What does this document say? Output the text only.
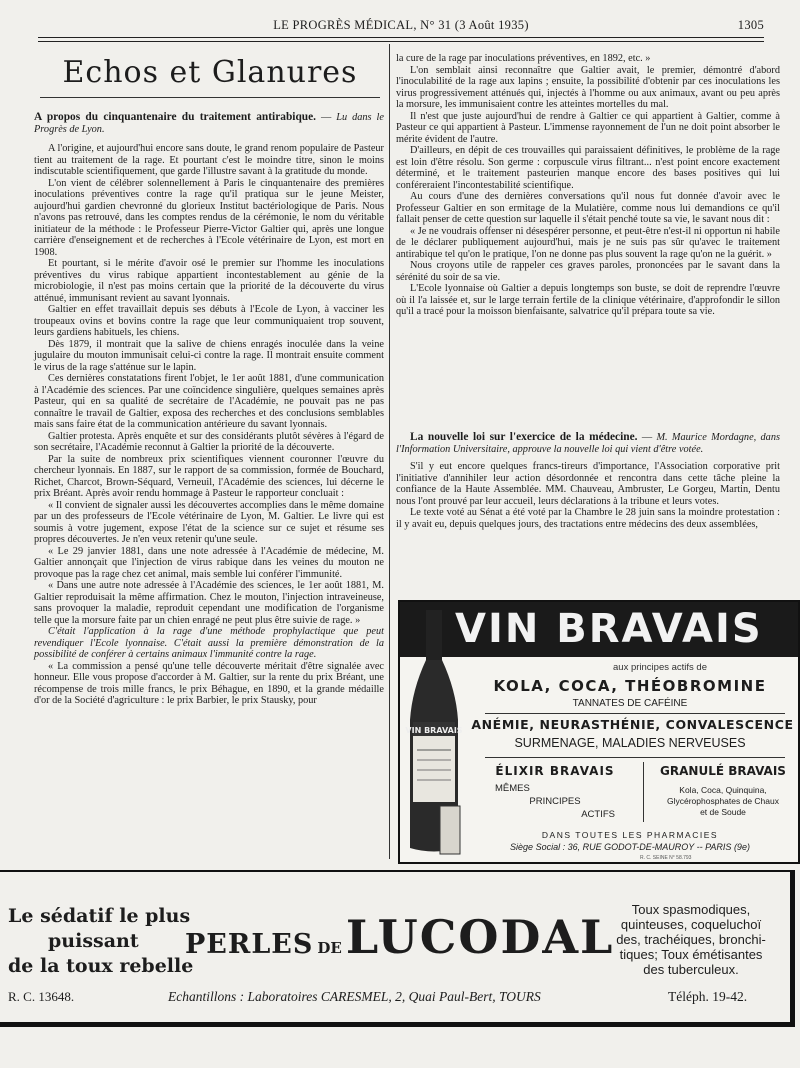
LE PROGRÈS MÉDICAL, N° 31 (3 Août 1935)	1305
Echos et Glanures

A propos du cinquantenaire du traitement antirabique. — Lu dans le Progrès de Lyon.

A l'origine, et aujourd'hui encore sans doute, le grand renom populaire de Pasteur tient au traitement de la rage. Et pourtant c'est le moindre titre, sinon le moins indiscutable scientifiquement, que garde l'illustre savant à la gratitude du monde.

L'on vient de célébrer solennellement à Paris le cinquantenaire des premières inoculations préventives contre la rage qu'il pratiqua sur le jeune Meister, aujourd'hui gardien chevronné du glorieux Institut bactériologique de Paris. Nous n'avons pas retrouvé, dans les comptes rendus de la cérémonie, le nom du véritable initiateur de la méthode : le Professeur Pierre-Victor Galtier qui, après une longue carrière d'enseignement et de recherches à l'Ecole vétérinaire de Lyon, est mort en 1908.

Et pourtant, si le mérite d'avoir osé le premier sur l'homme les inoculations préventives du virus rabique appartient incontestablement au génie de la microbiologie, il n'est pas moins certain que la priorité de la découverte du virus atténué, immunisant revient au savant lyonnais.

Galtier en effet travaillait depuis ses débuts à l'Ecole de Lyon, à vacciner les troupeaux ovins et bovins contre la rage que leur communiquaient trop souvent, leurs gardiens habituels, les chiens.

Dès 1879, il montrait que la salive de chiens enragés inoculée dans la veine jugulaire du mouton immunisait celui-ci contre la rage. Il montrait ensuite comment le virus de la rage s'atténue sur le lapin.

Ces dernières constatations firent l'objet, le 1er août 1881, d'une communication à l'Académie des sciences. Par une coïncidence singulière, quelques semaines après Pasteur, qui en sa qualité de secrétaire de l'Académie, ne pouvait pas ne pas connaître le travail de Galtier, exposa des recherches et des conclusions semblables mais sans faire état de la communication antérieure du savant lyonnais.

Galtier protesta. Après enquête et sur des considérants plutôt sévères à l'égard de son secrétaire, l'Académie reconnut à Galtier la priorité de la découverte.

Par la suite de nombreux prix scientifiques viennent couronner l'œuvre du chercheur lyonnais. En 1887, sur le rapport de sa commission, formée de Bouchard, Richet, Charcot, Brown-Séquard, Verneuil, l'Académie des sciences, lui décerne le prix Bréant. Après avoir rendu hommage à Pasteur le rapporteur concluait :

« Il convient de signaler aussi les découvertes accomplies dans le même domaine par un des professeurs de l'Ecole vétérinaire de Lyon, M. Galtier. Le livre qui est soumis à votre jugement, expose l'état de la science sur ce sujet et résume ses propres découvertes. Je n'en veux retenir qu'une seule.

« Le 29 janvier 1881, dans une note adressée à l'Académie de médecine, M. Galtier annonçait que l'injection de virus rabique dans les veines du mouton ne provoque pas la rage chez cet animal, mais semble lui conférer l'immunité.

« Dans une autre note adressée à l'Académie des sciences, le 1er août 1881, M. Galtier reproduisait la même affirmation. Chez le mouton, l'injection intraveineuse, sans provoquer la maladie, reproduit cependant une modification de l'organisme telle que la morsure faite par un chien enragé ne peut plus être suivie de rage. »

C'était l'application à la rage d'une méthode prophylactique que peut revendiquer l'Ecole lyonnaise. C'était aussi la première démonstration de la possibilité de conférer à certains animaux l'immunité contre la rage.

« La commission a pensé qu'une telle découverte méritait d'être signalée avec honneur. Elle vous propose d'accorder à M. Galtier, sur la rente du prix Bréant, une récompense de trois mille francs, le prix Béhague, en 1890, et la grande médaille d'or de la Société d'agriculture : le prix Barbier, le prix Stausky, pour

la cure de la rage par inoculations préventives, en 1892, etc. »

L'on semblait ainsi reconnaître que Galtier avait, le premier, démontré d'abord l'inoculabilité de la rage aux lapins ; ensuite, la possibilité d'obtenir par ces inoculations les virus progressivement atténués qui, injectés à l'homme ou aux animaux, avant ou peu après la morsure, les immunisaient contre les atteintes mortelles du mal.

Il n'est que juste aujourd'hui de rendre à Galtier ce qui appartient à Galtier, comme à Pasteur ce qui appartient à Pasteur. L'immense rayonnement de l'un ne doit point absorber le mérite évident de l'autre.

D'ailleurs, en dépit de ces trouvailles qui paraissaient définitives, le problème de la rage est loin d'être résolu. Son germe : corpuscule virus filtrant... n'est point encore exactement déterminé, et le traitement pasteurien manque encore des bases positives qui lui conféreraient l'incontestabilité scientifique.

Au cours d'une des dernières conversations qu'il nous fut donnée d'avoir avec le Professeur Galtier en son ermitage de la Mulatière, comme nous lui demandions ce qu'il fallait penser de cette question sur laquelle il s'était penché toute sa vie, le savant nous dit :

« Je ne voudrais offenser ni désespérer personne, et peut-être n'est-il ni opportun ni habile de le déclarer publiquement aujourd'hui, mais je ne suis pas sûr qu'avec le traitement antirabique tel qu'on le pratique, l'on ne donne pas plus souvent la rage qu'on ne la guérit. »

Nous croyons utile de rappeler ces graves paroles, prononcées par le savant dans la sérénité du soir de sa vie.

L'Ecole lyonnaise où Galtier a depuis longtemps son buste, se doit de reprendre l'œuvre où il l'a laissée et, sur le large terrain fertile de la clinique vétérinaire, d'approfondir le sillon qu'il a tracé pour la moisson bienfaisante, salvatrice qu'il prépara toute sa vie.

La nouvelle loi sur l'exercice de la médecine. — M. Maurice Mordagne, dans l'Information Universitaire, approuve la nouvelle loi qui vient d'être votée.

S'il y eut encore quelques francs-tireurs d'importance, l'Association corporative prit l'initiative d'annihiler leur action désordonnée et rencontra dans cette tâche pleine la confiance de la Haute Assemblée. MM. Chauveau, Ambruster, Le Gorgeu, Martin, Dentu nous l'ont prouvé par leur accueil, leurs déclarations à la tribune et leurs votes.

Le texte voté au Sénat a été voté par la Chambre le 28 juin sans la moindre protestation : il y avait eu, depuis quelques jours, des tractations entre médecins des deux assemblées,

VIN BRAVAIS
VIN BRAVAIS
aux principes actifs de
KOLA, COCA, THÉOBROMINE
TANNATES DE CAFÉINE
ANÉMIE, NEURASTHÉNIE, CONVALESCENCE
SURMENAGE, MALADIES NERVEUSES
ÉLIXIR BRAVAIS
MÊMES
PRINCIPES
ACTIFS
GRANULÉ BRAVAIS
Kola, Coca, Quinquina,
Glycérophosphates de Chaux
et de Soude
DANS TOUTES LES PHARMACIES
Siège Social : 36, RUE GODOT-DE-MAUROY -- PARIS (9e)
R. C. SEINE N° 58.793
Le sédatif le plus
puissant
de la toux rebelle
PERLES DELUCODAL
Toux spasmodiques,
quinteuses, coqueluchoï
des, trachéiques, bronchi-
tiques; Toux émétisantes
des tuberculeux.
R. C. 13648.	Echantillons : Laboratoires CARESMEL, 2, Quai Paul-Bert, TOURS	Téléph. 19-42.
